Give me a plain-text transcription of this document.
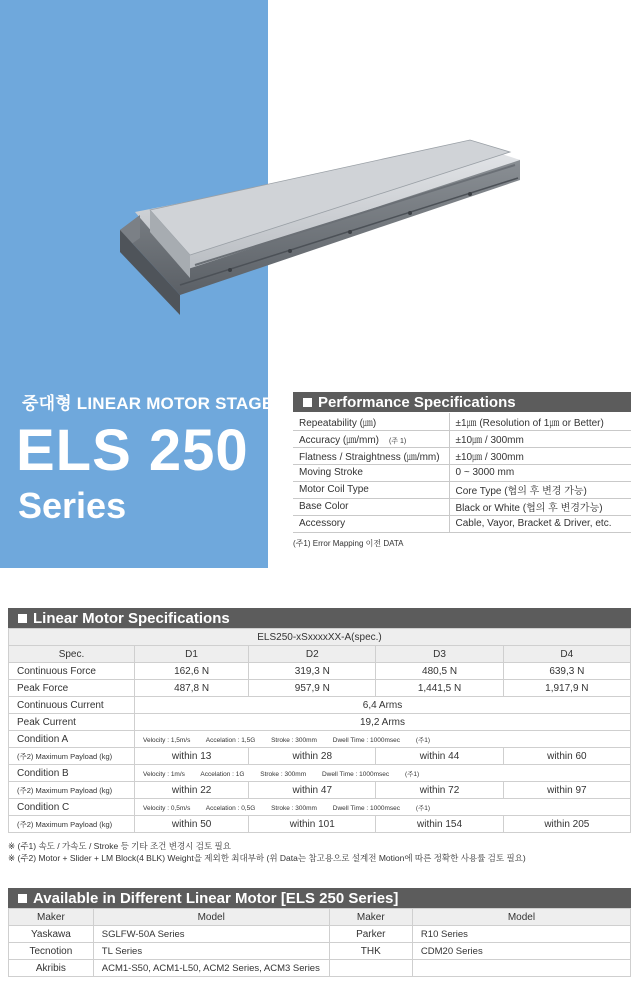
중대형 LINEAR MOTOR STAGE
ELS 250
Series
Performance Specifications
Repeatability (㎛)	±1㎛ (Resolution of 1㎛ or Better)
Accuracy (㎛/mm) (주 1)	±10㎛ / 300mm
Flatness / Straightness (㎛/mm)	±10㎛ / 300mm
Moving Stroke	0 ~ 3000 mm
Motor Coil Type	Core Type (협의 후 변경 가능)
Base Color	Black or White (협의 후 변경가능)
Accessory	Cable, Vayor, Bracket & Driver, etc.
(주1) Error Mapping 이전 DATA
Linear Motor Specifications
ELS250-xSxxxxXX-A(spec.)				
Spec.	D1	D2	D3	D4
Continuous Force	162,6 N	319,3 N	480,5 N	639,3 N
Peak Force	487,8 N	957,9 N	1,441,5 N	1,917,9 N
Continuous Current	6,4 Arms			
Peak Current	19,2 Arms			
Condition A	Velocity : 1,5m/s Accelation : 1,5G Stroke : 300mm Dwell Time : 1000msec (주1)			
(주2) Maximum Payload (kg)	within 13	within 28	within 44	within 60
Condition B	Velocity : 1m/s Accelation : 1G Stroke : 300mm Dwell Time : 1000msec (주1)			
(주2) Maximum Payload (kg)	within 22	within 47	within 72	within 97
Condition C	Velocity : 0,5m/s Accelation : 0,5G Stroke : 300mm Dwell Time : 1000msec (주1)			
(주2) Maximum Payload (kg)	within 50	within 101	within 154	within 205
※ (주1) 속도 / 가속도 / Stroke 등 기타 조건 변경시 검토 필요
※ (주2) Motor + Slider + LM Block(4 BLK) Weight을 제외한 최대부하 (위 Data는 참고용으로 설계전 Motion에 따른 정확한 사용률 검토 필요)
Available in Different Linear Motor [ELS 250 Series]
Maker	Model	Maker	Model
Yaskawa	SGLFW-50A Series	Parker	R10 Series
Tecnotion	TL Series	THK	CDM20 Series
Akribis	ACM1-S50, ACM1-L50, ACM2 Series, ACM3 Series		
